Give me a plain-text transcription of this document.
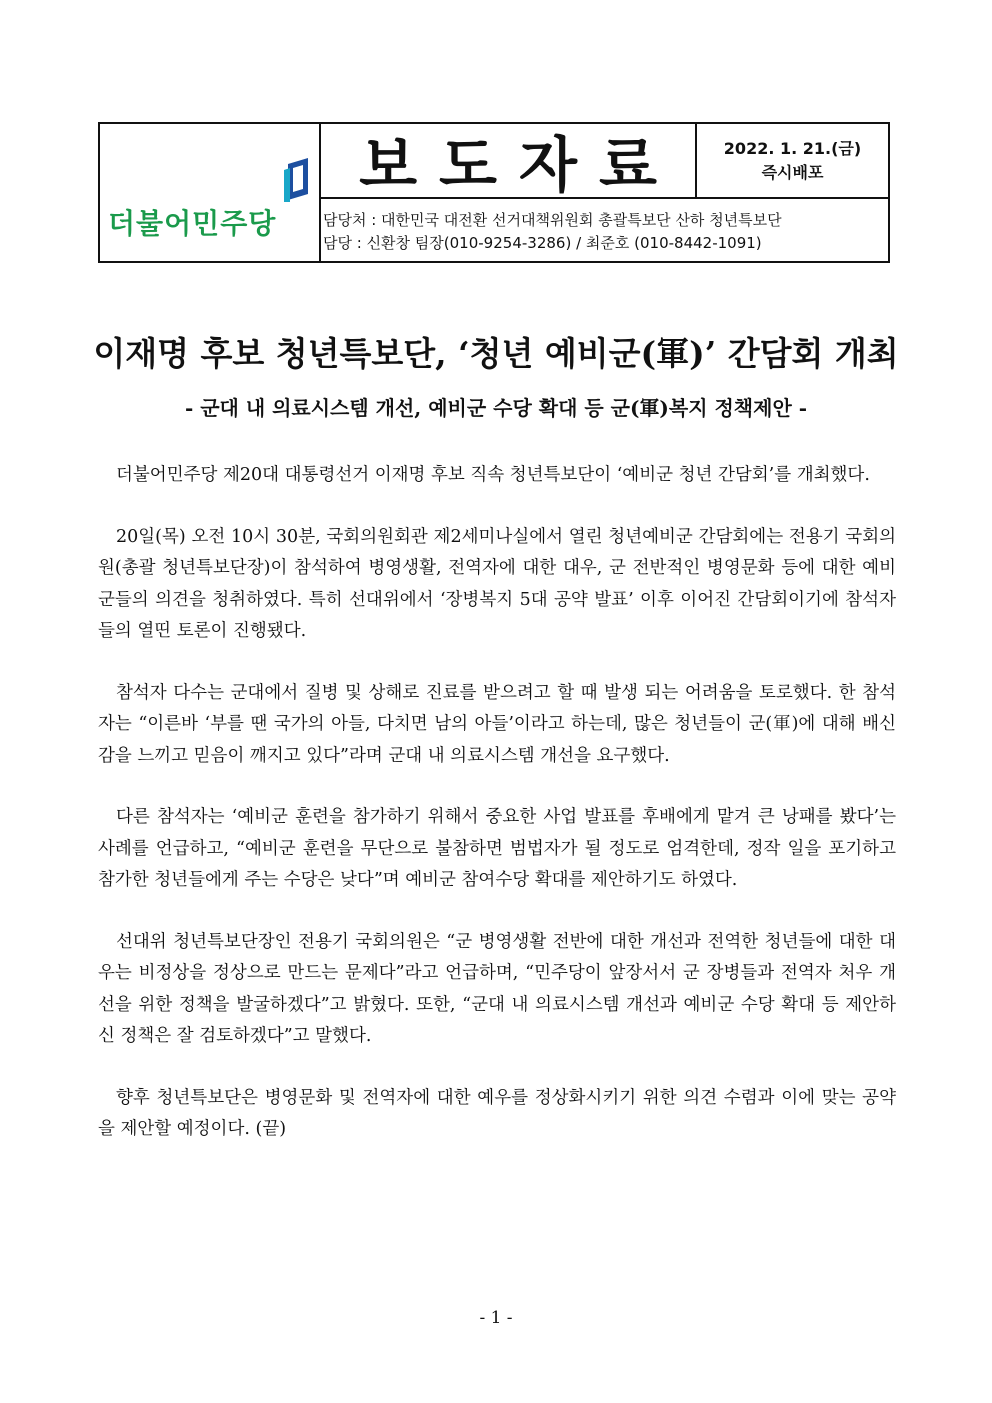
더불어민주당
보도자료	2022. 1. 21.(금)
즉시배포
담당처 : 대한민국 대전환 선거대책위원회 총괄특보단 산하 청년특보단
담당 : 신환창 팀장(010-9254-3286) / 최준호 (010-8442-1091)
이재명 후보 청년특보단, ‘청년 예비군(軍)’ 간담회 개최
- 군대 내 의료시스템 개선, 예비군 수당 확대 등 군(軍)복지 정책제안 -

더불어민주당 제20대 대통령선거 이재명 후보 직속 청년특보단이 ‘예비군 청년 간담회’를 개최했다.

20일(목) 오전 10시 30분, 국회의원회관 제2세미나실에서 열린 청년예비군 간담회에는 전용기 국회의원(총괄 청년특보단장)이 참석하여 병영생활, 전역자에 대한 대우, 군 전반적인 병영문화 등에 대한 예비군들의 의견을 청취하였다. 특히 선대위에서 ‘장병복지 5대 공약 발표’ 이후 이어진 간담회이기에 참석자들의 열띤 토론이 진행됐다.

참석자 다수는 군대에서 질병 및 상해로 진료를 받으려고 할 때 발생 되는 어려움을 토로했다. 한 참석자는 “이른바 ‘부를 땐 국가의 아들, 다치면 남의 아들’이라고 하는데, 많은 청년들이 군(軍)에 대해 배신감을 느끼고 믿음이 깨지고 있다”라며 군대 내 의료시스템 개선을 요구했다.

다른 참석자는 ‘예비군 훈련을 참가하기 위해서 중요한 사업 발표를 후배에게 맡겨 큰 낭패를 봤다’는 사례를 언급하고, “예비군 훈련을 무단으로 불참하면 범법자가 될 정도로 엄격한데, 정작 일을 포기하고 참가한 청년들에게 주는 수당은 낮다”며 예비군 참여수당 확대를 제안하기도 하였다.

선대위 청년특보단장인 전용기 국회의원은 “군 병영생활 전반에 대한 개선과 전역한 청년들에 대한 대우는 비정상을 정상으로 만드는 문제다”라고 언급하며, “민주당이 앞장서서 군 장병들과 전역자 처우 개선을 위한 정책을 발굴하겠다”고 밝혔다. 또한, “군대 내 의료시스템 개선과 예비군 수당 확대 등 제안하신 정책은 잘 검토하겠다”고 말했다.

향후 청년특보단은 병영문화 및 전역자에 대한 예우를 정상화시키기 위한 의견 수렴과 이에 맞는 공약을 제안할 예정이다. (끝)

- 1 -
